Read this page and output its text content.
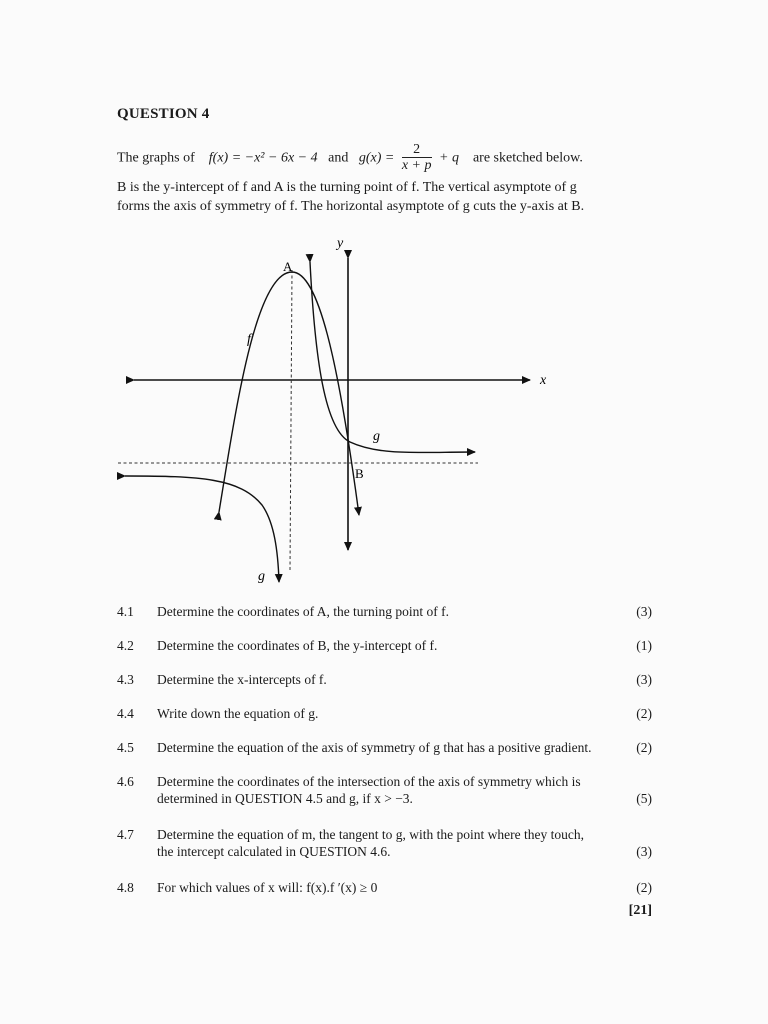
QUESTION 4
The graphs of f(x) = −x² − 6x − 4 and $g(x) = \frac{2}{x + p} + q$ are sketched below.
B is the y-intercept of f and A is the turning point of f. The vertical asymptote of g
forms the axis of symmetry of f. The horizontal asymptote of g cuts the y-axis at B.
y
x
A
B
f
g
g
4.1 Determine the coordinates of A, the turning point of f.	(3)
4.2 Determine the coordinates of B, the y-intercept of f.	(1)
4.3 Determine the x-intercepts of f.	(3)
4.4 Write down the equation of g.	(2)
4.5 Determine the equation of the axis of symmetry of g that has a positive gradient.	(2)
4.6 Determine the coordinates of the intersection of the axis of symmetry which is determined in QUESTION 4.5 and g, if x > −3.	(5)
4.7 Determine the equation of m, the tangent to g, with the point where they touch, the intercept calculated in QUESTION 4.6.	(3)
4.8 For which values of x will: f(x).f ′(x) ≥ 0	(2)
[21]
